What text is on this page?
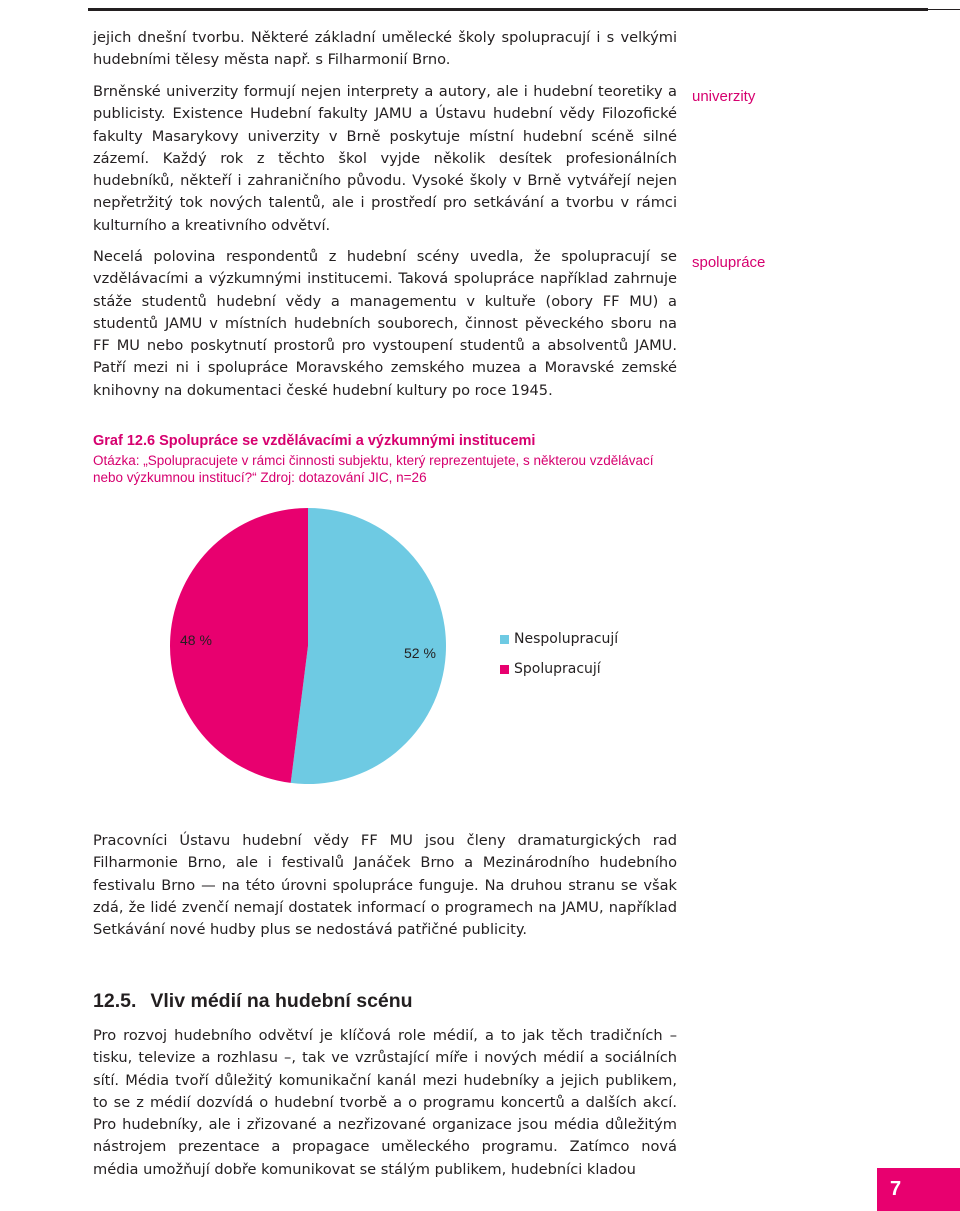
jejich dnešní tvorbu. Některé základní umělecké školy spolupracují i s velkými hudebními tělesy města např. s Filharmonií Brno.

Brněnské univerzity formují nejen interprety a autory, ale i hudební teoretiky a publicisty. Existence Hudební fakulty JAMU a Ústavu hudební vědy Filozofické fakulty Masarykovy univerzity v Brně poskytuje místní hudební scéně silné zázemí. Každý rok z těchto škol vyjde několik desítek profesionálních hudebníků, někteří i zahraničního původu. Vysoké školy v Brně vytvářejí nejen nepřetržitý tok nových talentů, ale i prostředí pro setkávání a tvorbu v rámci kulturního a kreativního odvětví.

univerzity

Necelá polovina respondentů z hudební scény uvedla, že spolupracují se vzdělávacími a výzkumnými institucemi. Taková spolupráce například zahrnuje stáže studentů hudební vědy a managementu v kultuře (obory FF MU) a studentů JAMU v místních hudebních souborech, činnost pěveckého sboru na FF MU nebo poskytnutí prostorů pro vystoupení studentů a absolventů JAMU. Patří mezi ni i spolupráce Moravského zemského muzea a Moravské zemské knihovny na dokumentaci české hudební kultury po roce 1945.

spolupráce

Graf 12.6 Spolupráce se vzdělávacími a výzkumnými institucemi

Otázka: „Spolupracujete v rámci činnosti subjektu, který reprezentujete, s některou vzdělávací nebo výzkumnou institucí?“ Zdroj: dotazování JIC, n=26

48 %
52 %
Nespolupracují
Spolupracují

Pracovníci Ústavu hudební vědy FF MU jsou členy dramaturgických rad Filharmonie Brno, ale i festivalů Janáček Brno a Mezinárodního hudebního festivalu Brno — na této úrovni spolupráce funguje. Na druhou stranu se však zdá, že lidé zvenčí nemají dostatek informací o programech na JAMU, například Setkávání nové hudby plus se nedostává patřičné publicity.

12.5. Vliv médií na hudební scénu

Pro rozvoj hudebního odvětví je klíčová role médií, a to jak těch tradičních – tisku, televize a rozhlasu –, tak ve vzrůstající míře i nových médií a sociálních sítí. Média tvoří důležitý komunikační kanál mezi hudebníky a jejich publikem, to se z médií dozvídá o hudební tvorbě a o programu koncertů a dalších akcí. Pro hudebníky, ale i zřizované a nezřizované organizace jsou média důležitým nástrojem prezentace a propagace uměleckého programu. Zatímco nová média umožňují dobře komunikovat se stálým publikem, hudebníci kladou

7
